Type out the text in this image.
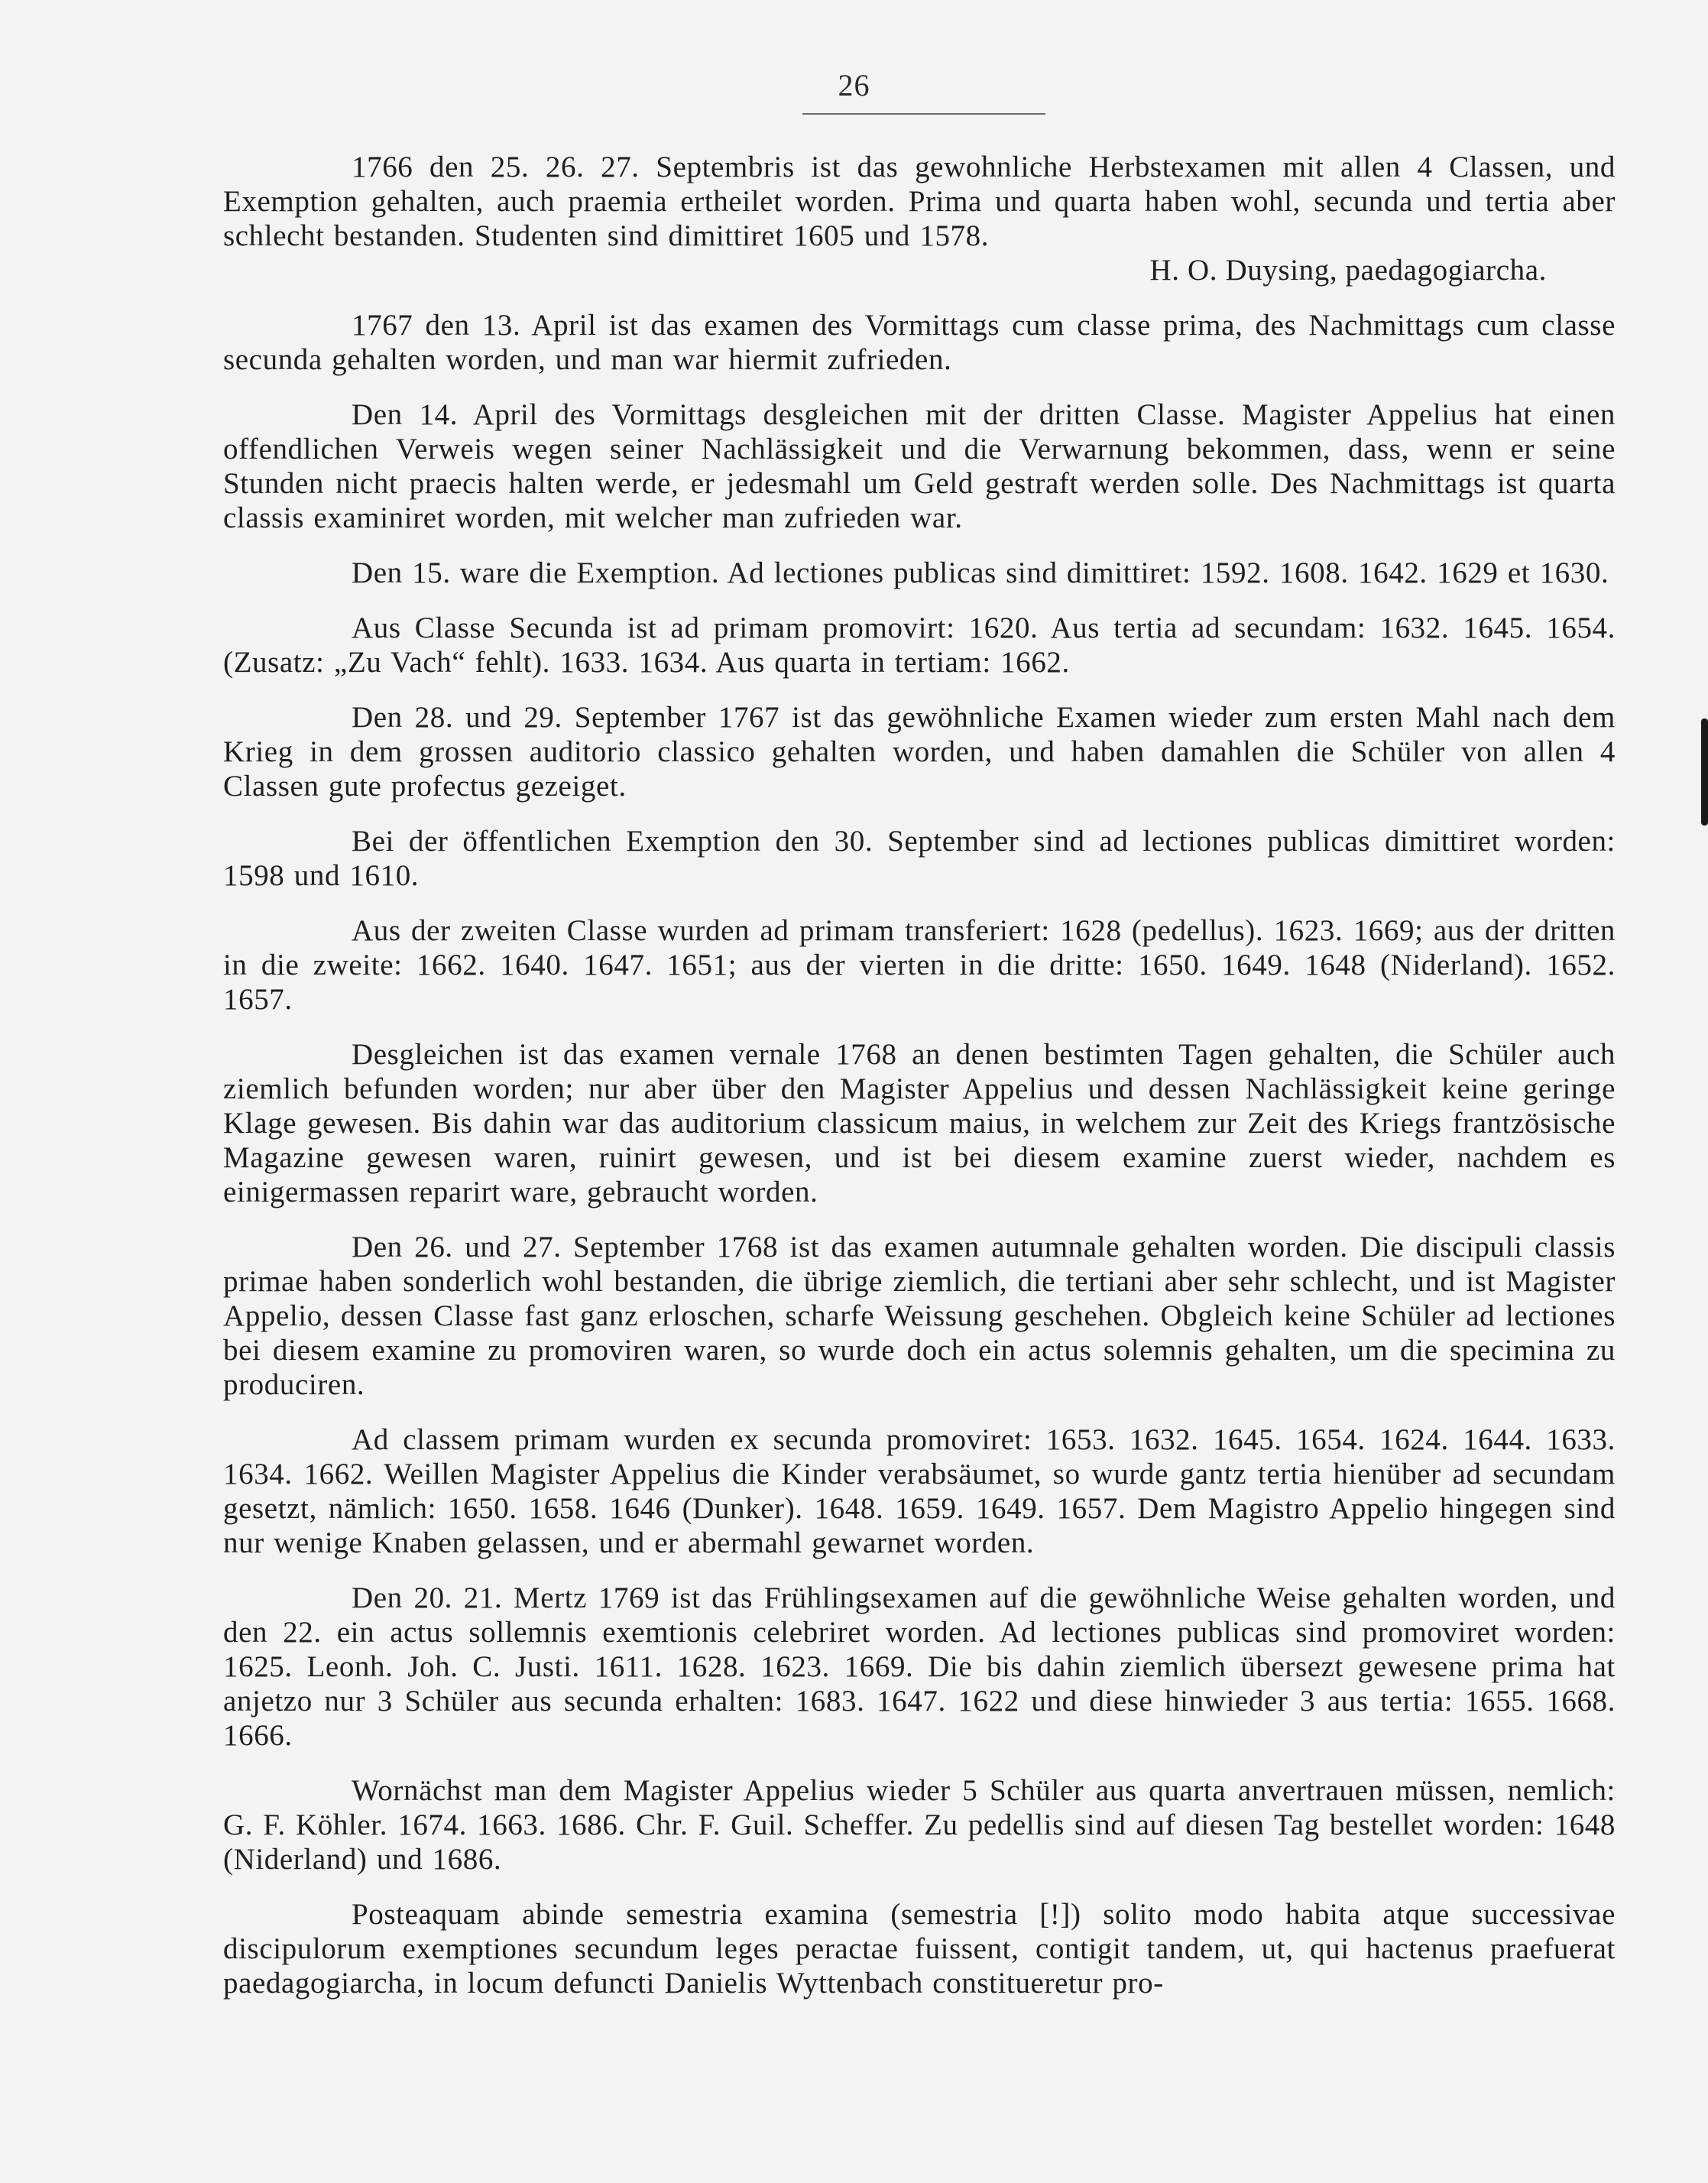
26

1766 den 25. 26. 27. Septembris ist das gewohnliche Herbstexamen mit allen 4 Classen, und Exemption gehalten, auch praemia ertheilet worden. Prima und quarta haben wohl, secunda und tertia aber schlecht bestanden. Studenten sind dimittiret 1605 und 1578.

H. O. Duysing, paedagogiarcha.

1767 den 13. April ist das examen des Vormittags cum classe prima, des Nachmittags cum classe secunda gehalten worden, und man war hiermit zufrieden.

Den 14. April des Vormittags desgleichen mit der dritten Classe. Magister Appelius hat einen offendlichen Verweis wegen seiner Nachlässigkeit und die Verwarnung bekommen, dass, wenn er seine Stunden nicht praecis halten werde, er jedesmahl um Geld gestraft werden solle. Des Nachmittags ist quarta classis examiniret worden, mit welcher man zufrieden war.

Den 15. ware die Exemption. Ad lectiones publicas sind dimittiret: 1592. 1608. 1642. 1629 et 1630.

Aus Classe Secunda ist ad primam promovirt: 1620. Aus tertia ad secundam: 1632. 1645. 1654. (Zusatz: „Zu Vach“ fehlt). 1633. 1634. Aus quarta in tertiam: 1662.

Den 28. und 29. September 1767 ist das gewöhnliche Examen wieder zum ersten Mahl nach dem Krieg in dem grossen auditorio classico gehalten worden, und haben damahlen die Schüler von allen 4 Classen gute profectus gezeiget.

Bei der öffentlichen Exemption den 30. September sind ad lectiones publicas dimittiret worden: 1598 und 1610.

Aus der zweiten Classe wurden ad primam transferiert: 1628 (pedellus). 1623. 1669; aus der dritten in die zweite: 1662. 1640. 1647. 1651; aus der vierten in die dritte: 1650. 1649. 1648 (Niderland). 1652. 1657.

Desgleichen ist das examen vernale 1768 an denen bestimten Tagen gehalten, die Schüler auch ziemlich befunden worden; nur aber über den Magister Appelius und dessen Nachlässigkeit keine geringe Klage gewesen. Bis dahin war das auditorium classicum maius, in welchem zur Zeit des Kriegs frantzösische Magazine gewesen waren, ruinirt gewesen, und ist bei diesem examine zuerst wieder, nachdem es einigermassen reparirt ware, gebraucht worden.

Den 26. und 27. September 1768 ist das examen autumnale gehalten worden. Die discipuli classis primae haben sonderlich wohl bestanden, die übrige ziemlich, die tertiani aber sehr schlecht, und ist Magister Appelio, dessen Classe fast ganz erloschen, scharfe Weissung geschehen. Obgleich keine Schüler ad lectiones bei diesem examine zu promoviren waren, so wurde doch ein actus solemnis gehalten, um die specimina zu produciren.

Ad classem primam wurden ex secunda promoviret: 1653. 1632. 1645. 1654. 1624. 1644. 1633. 1634. 1662. Weillen Magister Appelius die Kinder verabsäumet, so wurde gantz tertia hienüber ad secundam gesetzt, nämlich: 1650. 1658. 1646 (Dunker). 1648. 1659. 1649. 1657. Dem Magistro Appelio hingegen sind nur wenige Knaben gelassen, und er abermahl gewarnet worden.

Den 20. 21. Mertz 1769 ist das Frühlingsexamen auf die gewöhnliche Weise gehalten worden, und den 22. ein actus sollemnis exemtionis celebriret worden. Ad lectiones publicas sind promoviret worden: 1625. Leonh. Joh. C. Justi. 1611. 1628. 1623. 1669. Die bis dahin ziemlich übersezt gewesene prima hat anjetzo nur 3 Schüler aus secunda erhalten: 1683. 1647. 1622 und diese hinwieder 3 aus tertia: 1655. 1668. 1666.

Wornächst man dem Magister Appelius wieder 5 Schüler aus quarta anvertrauen müssen, nemlich: G. F. Köhler. 1674. 1663. 1686. Chr. F. Guil. Scheffer. Zu pedellis sind auf diesen Tag bestellet worden: 1648 (Niderland) und 1686.

Posteaquam abinde semestria examina (semestria [!]) solito modo habita atque successivae discipulorum exemptiones secundum leges peractae fuissent, contigit tandem, ut, qui hactenus praefuerat paedagogiarcha, in locum defuncti Danielis Wyttenbach constitueretur pro-
